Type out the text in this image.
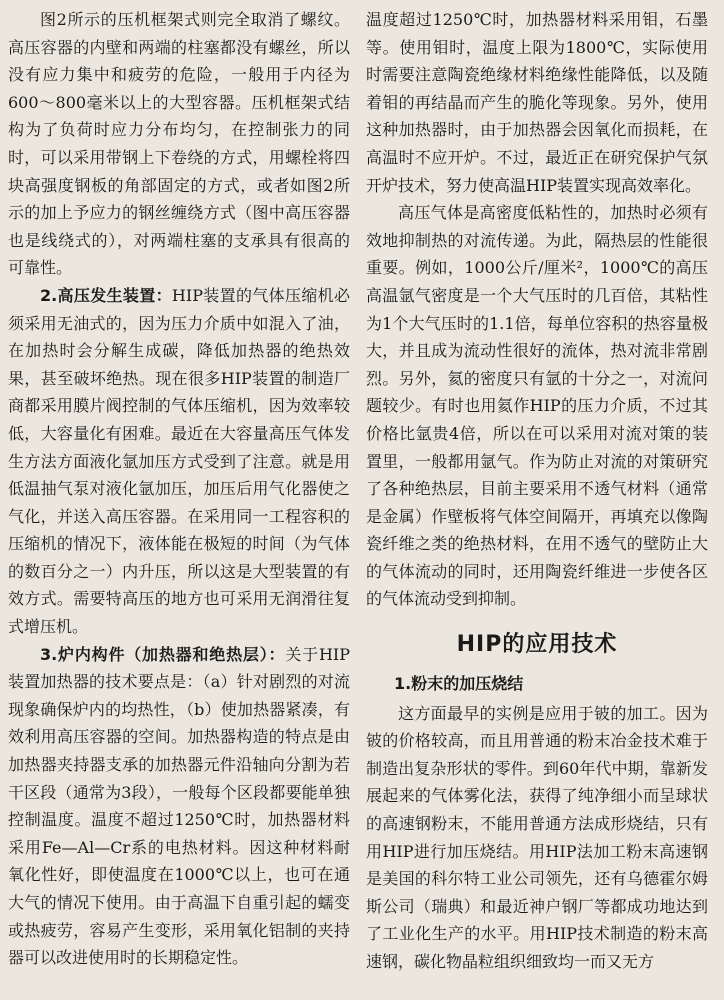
图2所示的压机框架式则完全取消了螺纹。高压容器的内壁和两端的柱塞都没有螺丝，所以没有应力集中和疲劳的危险，一般用于内径为600～800毫米以上的大型容器。压机框架式结构为了负荷时应力分布均匀，在控制张力的同时，可以采用带钢上下卷绕的方式，用螺栓将四块高强度钢板的角部固定的方式，或者如图2所示的加上予应力的钢丝缠绕方式（图中高压容器也是线绕式的），对两端柱塞的支承具有很高的可靠性。

2.高压发生装置：HIP装置的气体压缩机必须采用无油式的，因为压力介质中如混入了油，在加热时会分解生成碳，降低加热器的绝热效果，甚至破坏绝热。现在很多HIP装置的制造厂商都采用膜片阀控制的气体压缩机，因为效率较低，大容量化有困难。最近在大容量高压气体发生方法方面液化氩加压方式受到了注意。就是用低温抽气泵对液化氩加压，加压后用气化器使之气化，并送入高压容器。在采用同一工程容积的压缩机的情况下，液体能在极短的时间（为气体的数百分之一）内升压，所以这是大型装置的有效方式。需要特高压的地方也可采用无润滑往复式增压机。

3.炉内构件（加热器和绝热层）：关于HIP装置加热器的技术要点是：（a）针对剧烈的对流现象确保炉内的均热性，（b）使加热器紧凑，有效利用高压容器的空间。加热器构造的特点是由加热器夹持器支承的加热器元件沿轴向分割为若干区段（通常为3段），一般每个区段都要能单独控制温度。温度不超过1250℃时，加热器材料采用Fe—Al—Cr系的电热材料。因这种材料耐氧化性好，即使温度在1000℃以上，也可在通大气的情况下使用。由于高温下自重引起的蠕变或热疲劳，容易产生变形，采用氧化铝制的夹持器可以改进使用时的长期稳定性。

温度超过1250℃时，加热器材料采用钼，石墨等。使用钼时，温度上限为1800℃，实际使用时需要注意陶瓷绝缘材料绝缘性能降低，以及随着钼的再结晶而产生的脆化等现象。另外，使用这种加热器时，由于加热器会因氧化而损耗，在高温时不应开炉。不过，最近正在研究保护气氛开炉技术，努力使高温HIP装置实现高效率化。

高压气体是高密度低粘性的，加热时必须有效地抑制热的对流传递。为此，隔热层的性能很重要。例如，1000公斤/厘米²，1000℃的高压高温氩气密度是一个大气压时的几百倍，其粘性为1个大气压时的1.1倍，每单位容积的热容量极大，并且成为流动性很好的流体，热对流非常剧烈。另外，氦的密度只有氩的十分之一，对流问题较少。有时也用氦作HIP的压力介质，不过其价格比氩贵4倍，所以在可以采用对流对策的装置里，一般都用氩气。作为防止对流的对策研究了各种绝热层，目前主要采用不透气材料（通常是金属）作壁板将气体空间隔开，再填充以像陶瓷纤维之类的绝热材料，在用不透气的壁防止大的气体流动的同时，还用陶瓷纤维进一步使各区的气体流动受到抑制。

HIP的应用技术
1.粉末的加压烧结

这方面最早的实例是应用于铍的加工。因为铍的价格较高，而且用普通的粉末冶金技术难于制造出复杂形状的零件。到60年代中期，靠新发展起来的气体雾化法，获得了纯净细小而呈球状的高速钢粉末，不能用普通方法成形烧结，只有用HIP进行加压烧结。用HIP法加工粉末高速钢是美国的科尔特工业公司领先，还有乌德霍尔姆斯公司（瑞典）和最近神户钢厂等都成功地达到了工业化生产的水平。用HIP技术制造的粉末高速钢，碳化物晶粒组织细致均一而又无方
